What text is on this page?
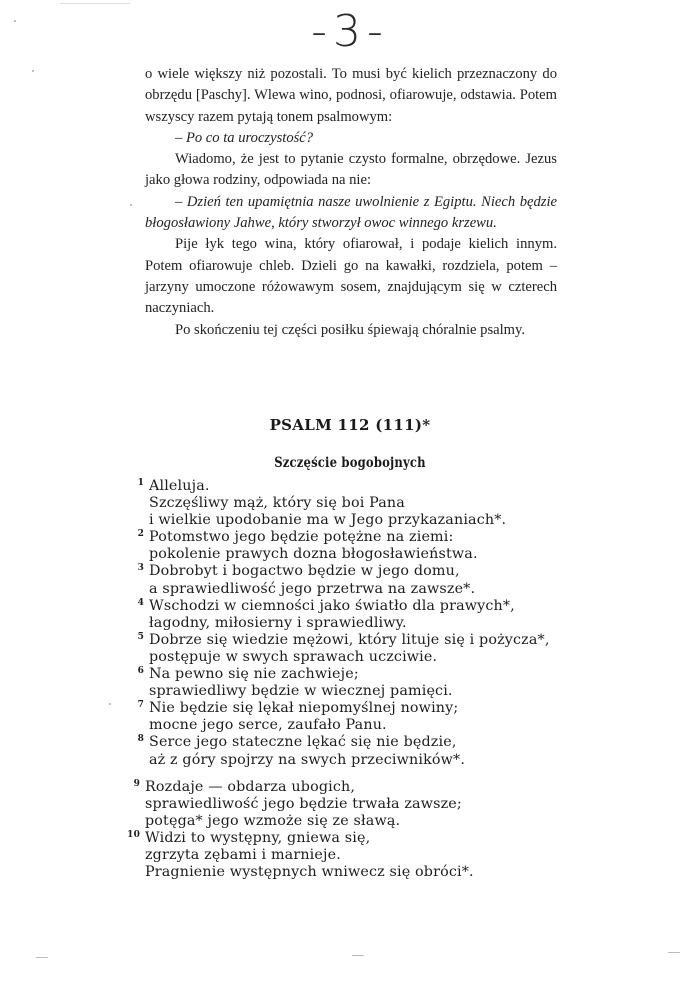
-3-

o wiele większy niż pozostali. To musi być kielich przeznaczony do obrzędu [Paschy]. Wlewa wino, podnosi, ofiarowuje, odstawia. Potem wszyscy razem pytają tonem psalmowym:

– Po co ta uroczystość?

Wiadomo, że jest to pytanie czysto formalne, obrzędowe. Jezus jako głowa rodziny, odpowiada na nie:

– Dzień ten upamiętnia nasze uwolnienie z Egiptu. Niech będzie błogosławiony Jahwe, który stworzył owoc winnego krzewu.

Pije łyk tego wina, który ofiarował, i podaje kielich innym. Potem ofiarowuje chleb. Dzieli go na kawałki, rozdziela, potem – jarzyny umoczone różowawym sosem, znajdującym się w czterech naczyniach.

Po skończeniu tej części posiłku śpiewają chóralnie psalmy.

PSALM 112 (111)*
Szczęście bogobojnych
1 Alleluja.
Szczęśliwy mąż, który się boi Pana
i wielkie upodobanie ma w Jego przykazaniach*.
2 Potomstwo jego będzie potężne na ziemi:
pokolenie prawych dozna błogosławieństwa.
3 Dobrobyt i bogactwo będzie w jego domu,
a sprawiedliwość jego przetrwa na zawsze*.
4 Wschodzi w ciemności jako światło dla prawych*,
łagodny, miłosierny i sprawiedliwy.
5 Dobrze się wiedzie mężowi, który lituje się i pożycza*,
postępuje w swych sprawach uczciwie.
6 Na pewno się nie zachwieje;
sprawiedliwy będzie w wiecznej pamięci.
7 Nie będzie się lękał niepomyślnej nowiny;
mocne jego serce, zaufało Panu.
8 Serce jego stateczne lękać się nie będzie,
aż z góry spojrzy na swych przeciwników*.
9 Rozdaje — obdarza ubogich,
sprawiedliwość jego będzie trwała zawsze;
potęga* jego wzmoże się ze sławą.
10 Widzi to występny, gniewa się,
zgrzyta zębami i marnieje.
Pragnienie występnych wniwecz się obróci*.
